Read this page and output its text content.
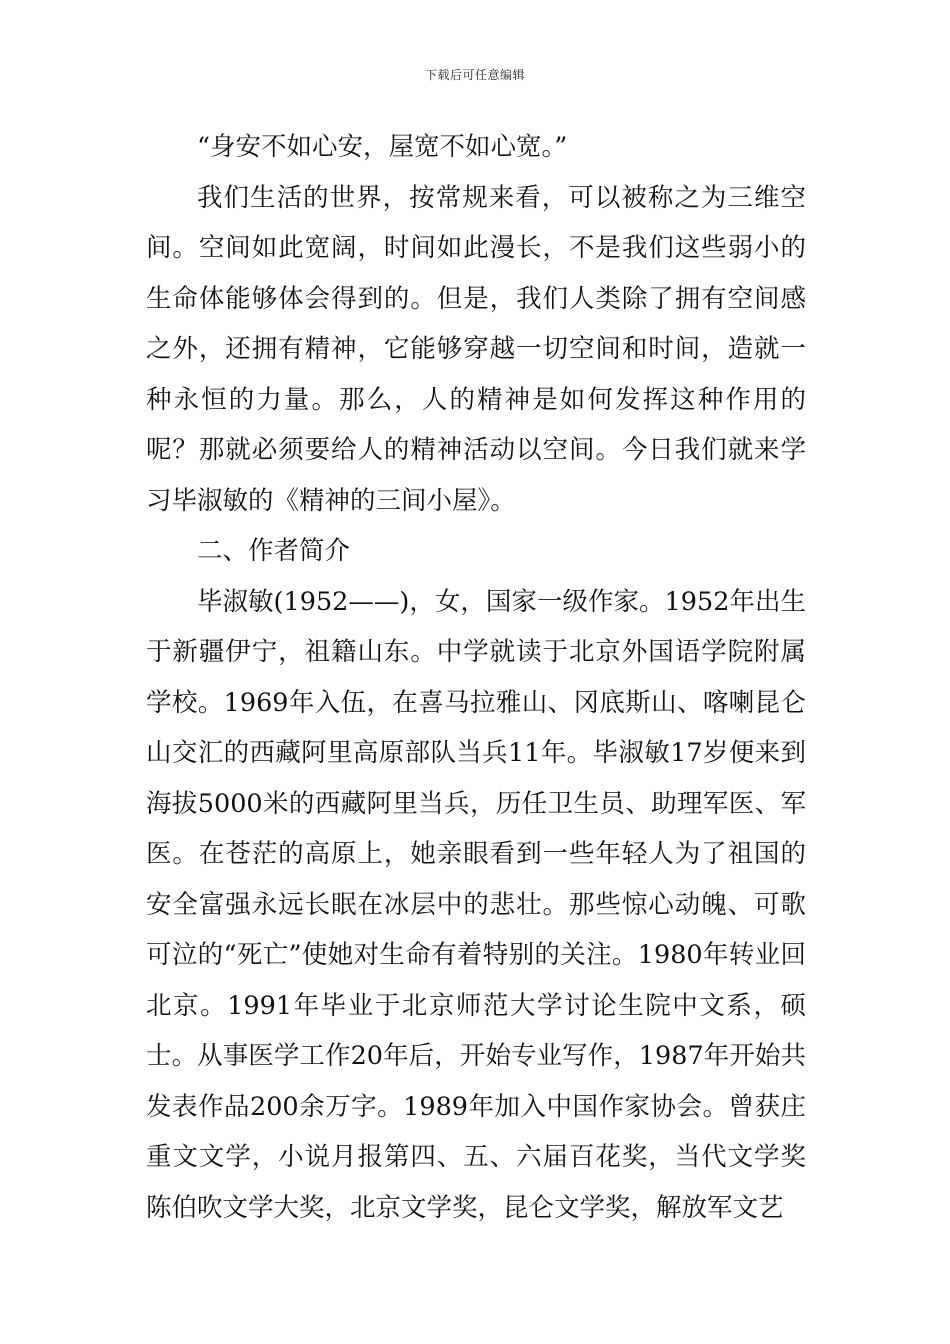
下载后可任意编辑

“身安不如心安，屋宽不如心宽。”

我们生活的世界，按常规来看，可以被称之为三维空间。空间如此宽阔，时间如此漫长，不是我们这些弱小的生命体能够体会得到的。但是，我们人类除了拥有空间感之外，还拥有精神，它能够穿越一切空间和时间，造就一种永恒的力量。那么，人的精神是如何发挥这种作用的呢？那就必须要给人的精神活动以空间。今日我们就来学习毕淑敏的《精神的三间小屋》。

二、作者简介

毕淑敏(1952——)，女，国家一级作家。1952年出生于新疆伊宁，祖籍山东。中学就读于北京外国语学院附属学校。1969年入伍，在喜马拉雅山、冈底斯山、喀喇昆仑山交汇的西藏阿里高原部队当兵11年。毕淑敏17岁便来到海拔5000米的西藏阿里当兵，历任卫生员、助理军医、军医。在苍茫的高原上，她亲眼看到一些年轻人为了祖国的安全富强永远长眠在冰层中的悲壮。那些惊心动魄、可歌可泣的“死亡”使她对生命有着特别的关注。1980年转业回北京。1991年毕业于北京师范大学讨论生院中文系，硕士。从事医学工作20年后，开始专业写作，1987年开始共发表作品200余万字。1989年加入中国作家协会。曾获庄重文文学，小说月报第四、五、六届百花奖，当代文学奖陈伯吹文学大奖，北京文学奖，昆仑文学奖，解放军文艺
